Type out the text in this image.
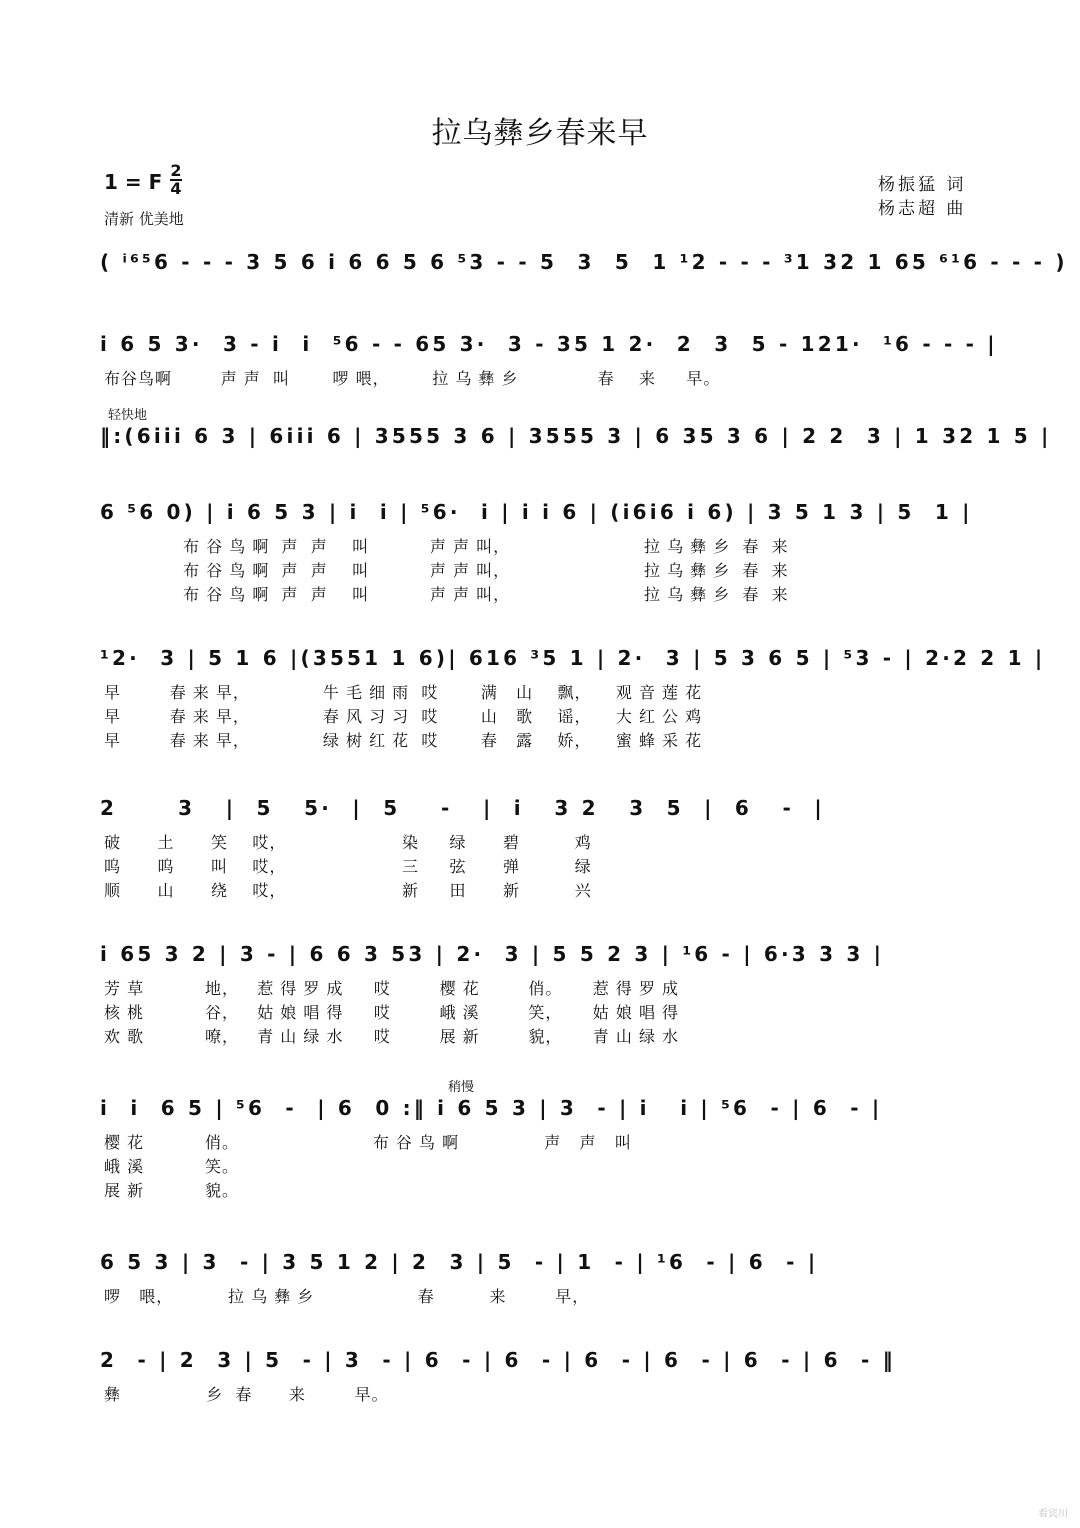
拉乌彝乡春来早
1 = F 2
4
清新 优美地
杨振猛 词
杨志超 曲
( ⁱ⁶⁵6 - - - 3 5 6 i 6 6 5 6 ⁵3 - - 5  3  5  1 ¹2 - - - ³1 32 1 65 ⁶¹6 - - - )
i 6 5 3·  3 - i  i  ⁵6 - - 65 3·  3 - 35 1 2·  2  3  5 - 121·  ¹6 - - - |
布谷鸟啊        声 声  叫       啰 喂，       拉 乌 彝 乡             春    来     早。
轻快地
‖:(6iii 6 3 | 6iii 6 | 3555 3 6 | 3555 3 | 6 35 3 6 | 2 2  3 | 1 32 1 5 |
6 ⁵6 0) | i 6 5 3 | i  i | ⁵6·  i | i i 6 | (i6i6 i 6) | 3 5 1 3 | 5  1 |
布 谷 鸟 啊  声  声    叫          声 声 叫，                      拉 乌 彝 乡  春  来
布 谷 鸟 啊  声  声    叫          声 声 叫，                      拉 乌 彝 乡  春  来
布 谷 鸟 啊  声  声    叫          声 声 叫，                      拉 乌 彝 乡  春  来
¹2·  3 | 5 1 6 |(3551 1 6)| 616 ³5 1 | 2·  3 | 5 3 6 5 | ⁵3 - | 2·2 2 1 |
早        春 来 早，            牛 毛 细 雨  哎       满   山    飘，    观 音 莲 花
早        春 来 早，            春 风 习 习  哎       山   歌    谣，    大 红 公 鸡
早        春 来 早，            绿 树 红 花  哎       春   露    娇，    蜜 蜂 采 花
2      3   |  5   5·  |  5    -   |  i   3 2   3  5  |  6   -  |
破      土      笑    哎，                   染     绿      碧         鸡
呜      呜      叫    哎，                   三     弦      弹         绿
顺      山      绕    哎，                   新     田      新         兴
i 65 3 2 | 3 - | 6 6 3 53 | 2·  3 | 5 5 2 3 | ¹6 - | 6·3 3 3 |
芳 草          地，   惹 得 罗 成     哎        樱 花        俏。     惹 得 罗 成
核 桃          谷，   姑 娘 唱 得     哎        峨 溪        笑，     姑 娘 唱 得
欢 歌          嘹，   青 山 绿 水     哎        展 新        貌，     青 山 绿 水
稍慢
i  i  6 5 | ⁵6  -  | 6  0 :‖ i 6 5 3 | 3  - | i   i | ⁵6  - | 6  - |
樱 花          俏。                      布 谷 鸟 啊              声   声   叫
峨 溪          笑。
展 新          貌。
6 5 3 | 3  - | 3 5 1 2 | 2  3 | 5  - | 1  - | ¹6  - | 6  - |
啰   喂，         拉 乌 彝 乡                 春         来        早，
2  - | 2  3 | 5  - | 3  - | 6  - | 6  - | 6  - | 6  - | 6  - | 6  - ‖
彝              乡  春      来        早。
看宾川
